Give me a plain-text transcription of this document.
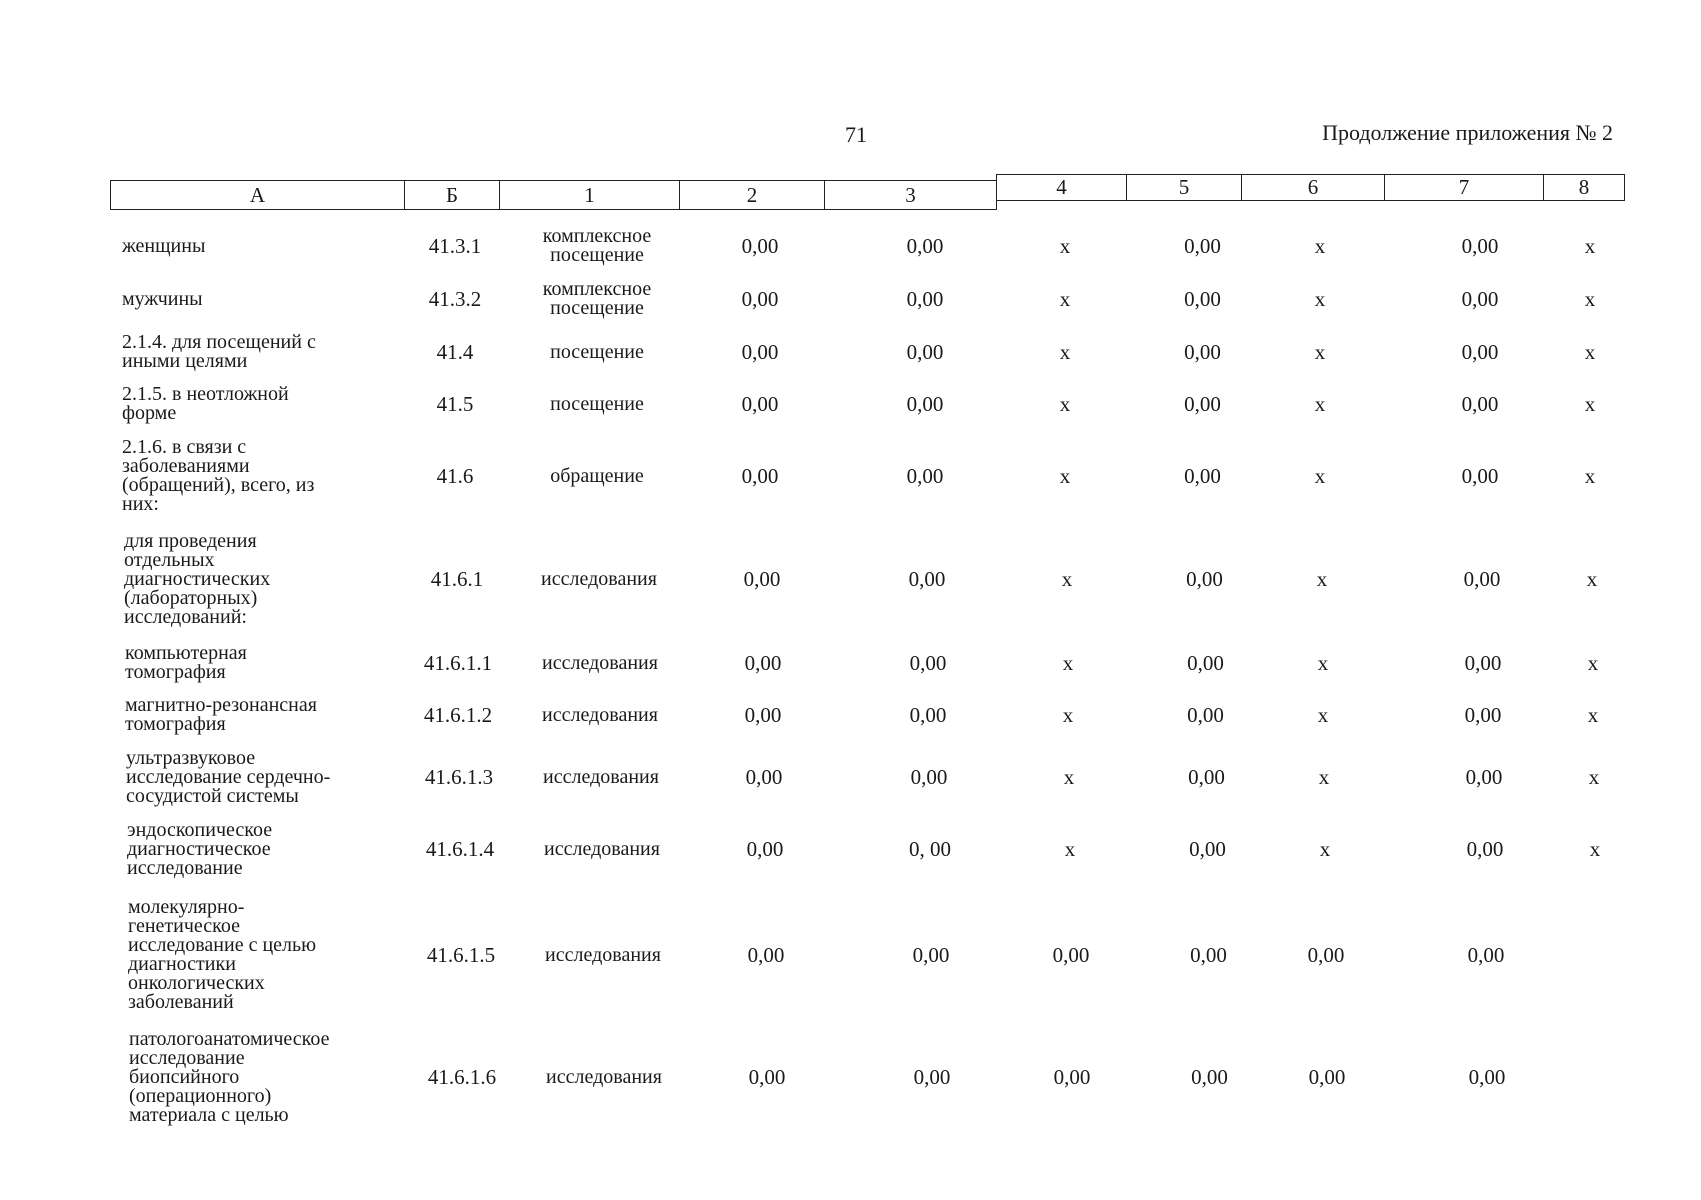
71	Продолжение приложения № 2
А	Б	1	2	3	4	5	6	7	8
женщины	41.3.1	комплексное
посещение	0,00	0,00	x	0,00	x	0,00	x
мужчины	41.3.2	комплексное
посещение	0,00	0,00	x	0,00	x	0,00	x
2.1.4. для посещений с
иными целями	41.4	посещение	0,00	0,00	x	0,00	x	0,00	x
2.1.5. в неотложной
форме	41.5	посещение	0,00	0,00	x	0,00	x	0,00	x
2.1.6. в связи с
заболеваниями
(обращений), всего, из
них:
41.6	обращение	0,00	0,00	x	0,00	x	0,00	x
для проведения
отдельных
диагностических
(лабораторных)
исследований:
41.6.1	исследования	0,00	0,00	x	0,00	x	0,00	x
компьютерная
томография	41.6.1.1	исследования	0,00	0,00	x	0,00	x	0,00	x
магнитно-резонансная
томография	41.6.1.2	исследования	0,00	0,00	x	0,00	x	0,00	x
ультразвуковое
исследование сердечно-
сосудистой системы
41.6.1.3	исследования	0,00	0,00	x	0,00	x	0,00	x
эндоскопическое
диагностическое
исследование
41.6.1.4	исследования	0,00	0, 00	x	0,00	x	0,00	x
молекулярно-
генетическое
исследование с целью
диагностики
онкологических
заболеваний
41.6.1.5	исследования	0,00	0,00	0,00	0,00	0,00	0,00
патологоанатомическое
исследование
биопсийного
(операционного)
материала с целью
41.6.1.6	исследования	0,00	0,00	0,00	0,00	0,00	0,00
